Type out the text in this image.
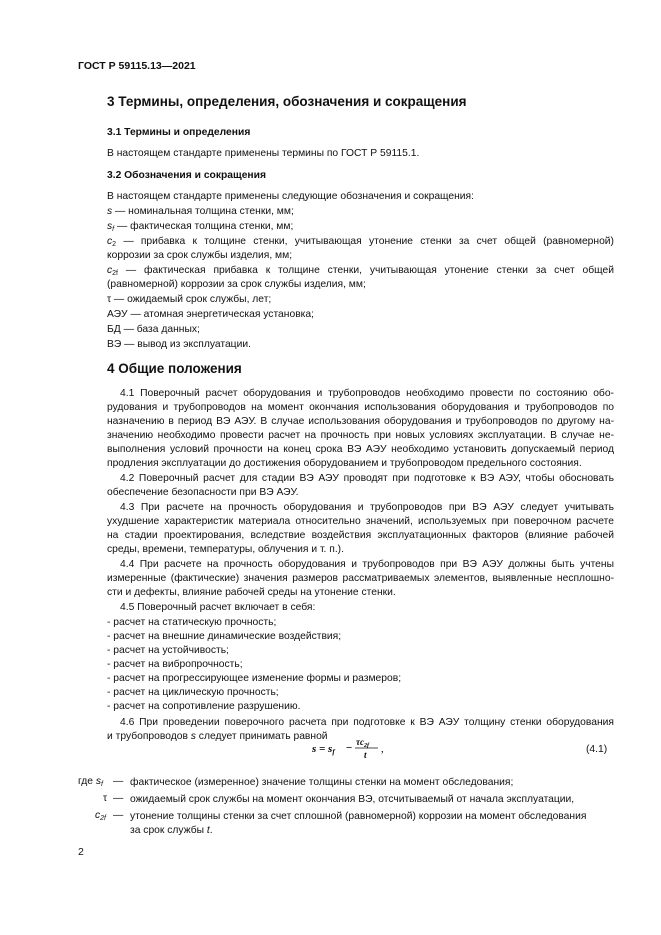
ГОСТ Р 59115.13—2021
3 Термины, определения, обозначения и сокращения
3.1 Термины и определения
В настоящем стандарте применены термины по ГОСТ Р 59115.1.
3.2 Обозначения и сокращения
В настоящем стандарте применены следующие обозначения и сокращения:
s — номинальная толщина стенки, мм;
$s_f$ — фактическая толщина стенки, мм;
$c_2$ — прибавка к толщине стенки, учитывающая утонение стенки за счет общей (равномерной)
коррозии за срок службы изделия, мм;
$c_{2f}$ — фактическая прибавка к толщине стенки, учитывающая утонение стенки за счет общей
(равномерной) коррозии за срок службы изделия, мм;
τ — ожидаемый срок службы, лет;
АЭУ — атомная энергетическая установка;
БД — база данных;
ВЭ — вывод из эксплуатации.
4 Общие положения
4.1 Поверочный расчет оборудования и трубопроводов необходимо провести по состоянию обо-
рудования и трубопроводов на момент окончания использования оборудования и трубопроводов по
назначению в период ВЭ АЭУ. В случае использования оборудования и трубопроводов по другому на-
значению необходимо провести расчет на прочность при новых условиях эксплуатации. В случае не-
выполнения условий прочности на конец срока ВЭ АЭУ необходимо установить допускаемый период
продления эксплуатации до достижения оборудованием и трубопроводом предельного состояния.
4.2 Поверочный расчет для стадии ВЭ АЭУ проводят при подготовке к ВЭ АЭУ, чтобы обосновать
обеспечение безопасности при ВЭ АЭУ.
4.3 При расчете на прочность оборудования и трубопроводов при ВЭ АЭУ следует учитывать
ухудшение характеристик материала относительно значений, используемых при поверочном расчете
на стадии проектирования, вследствие воздействия эксплуатационных факторов (влияние рабочей
среды, времени, температуры, облучения и т. п.).
4.4 При расчете на прочность оборудования и трубопроводов при ВЭ АЭУ должны быть учтены
измеренные (фактические) значения размеров рассматриваемых элементов, выявленные несплошно-
сти и дефекты, влияние рабочей среды на утонение стенки.
4.5 Поверочный расчет включает в себя:
- расчет на статическую прочность;
- расчет на внешние динамические воздействия;
- расчет на устойчивость;
- расчет на вибропрочность;
- расчет на прогрессирующее изменение формы и размеров;
- расчет на циклическую прочность;
- расчет на сопротивление разрушению.
4.6 При проведении поверочного расчета при подготовке к ВЭ АЭУ толщину стенки оборудования
и трубопроводов s следует принимать равной
s = sf − $\tau c_{2f}$
t ,	(4.1)
где $s_f$ — фактическое (измеренное) значение толщины стенки на момент обследования;
τ — ожидаемый срок службы на момент окончания ВЭ, отсчитываемый от начала эксплуатации,
$c_{2f}$ — утонение толщины стенки за счет сплошной (равномерной) коррозии на момент обследования
за срок службы t.
2
